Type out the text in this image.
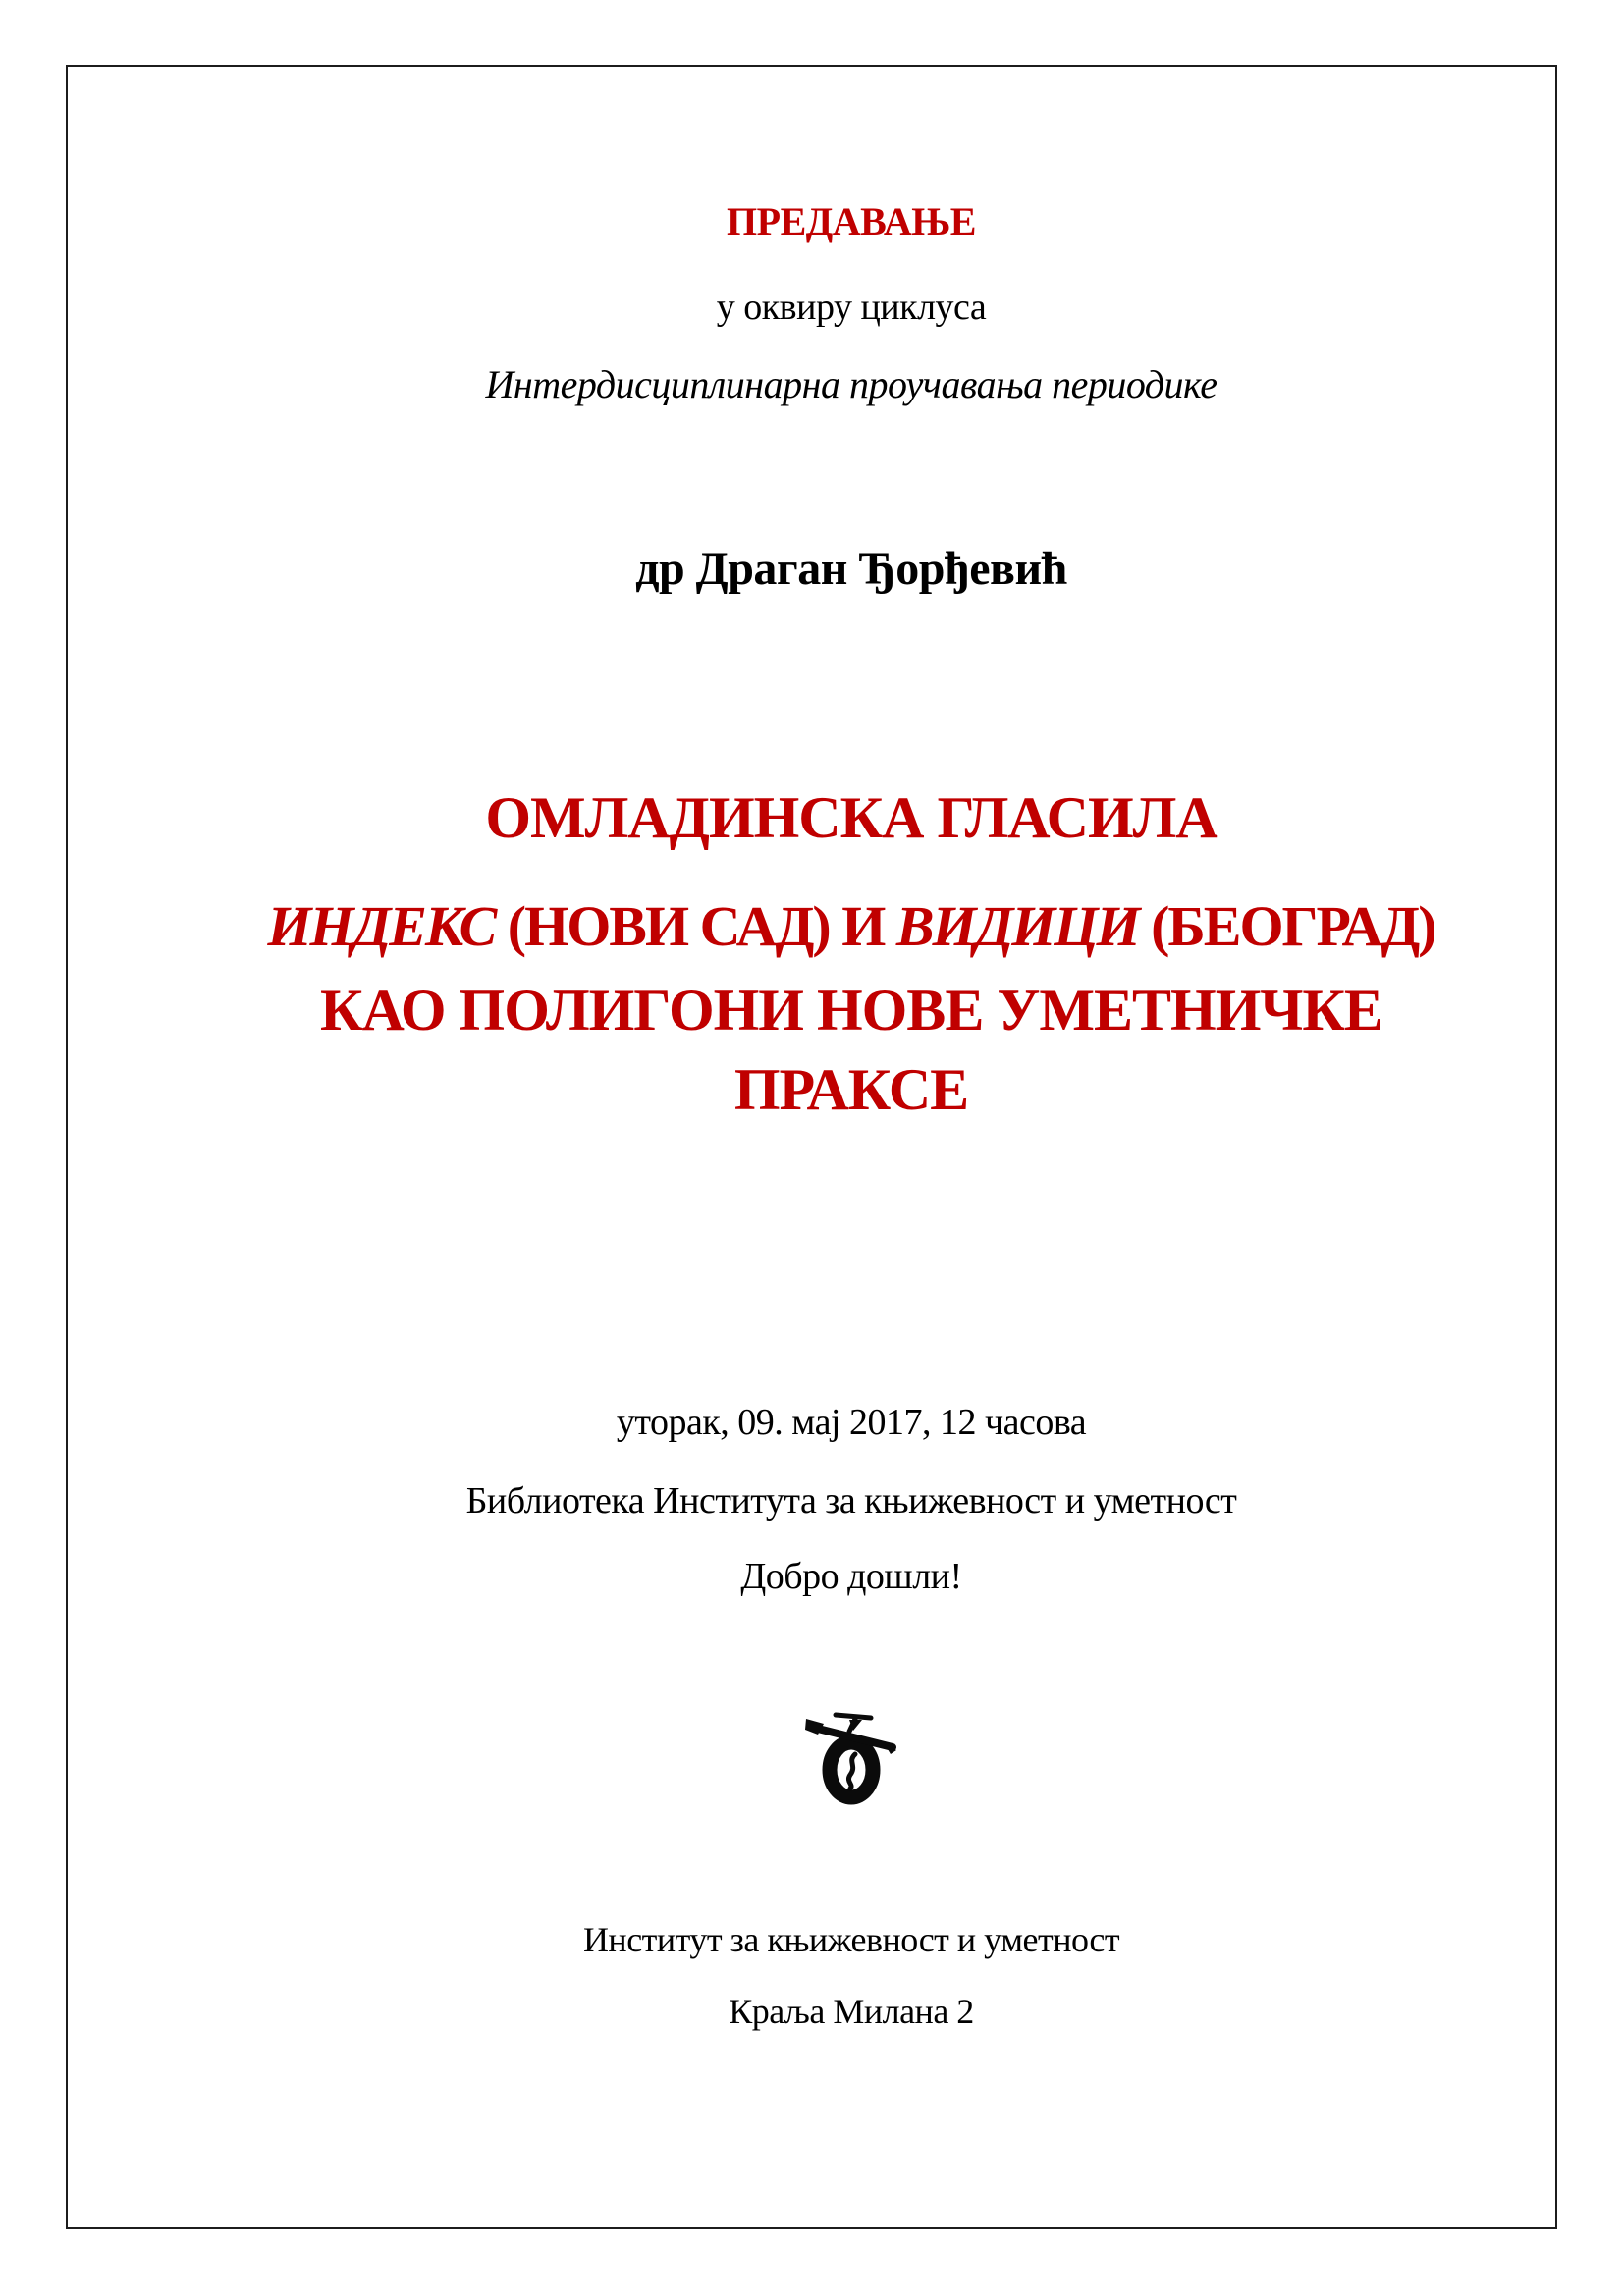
ПРЕДАВАЊЕ
у оквиру циклуса
Интердисциплинарна проучавања периодике
др Драган Ђорђевић
ОМЛАДИНСКА ГЛАСИЛА
ИНДЕКС (НОВИ САД) И ВИДИЦИ (БЕОГРАД)
КАО ПОЛИГОНИ НОВЕ УМЕТНИЧКЕ
ПРАКСЕ
уторак, 09. мај 2017, 12 часова
Библиотека Института за књижевност и уметност
Добро дошли!
Институт за књижевност и уметност
Краља Милана 2
